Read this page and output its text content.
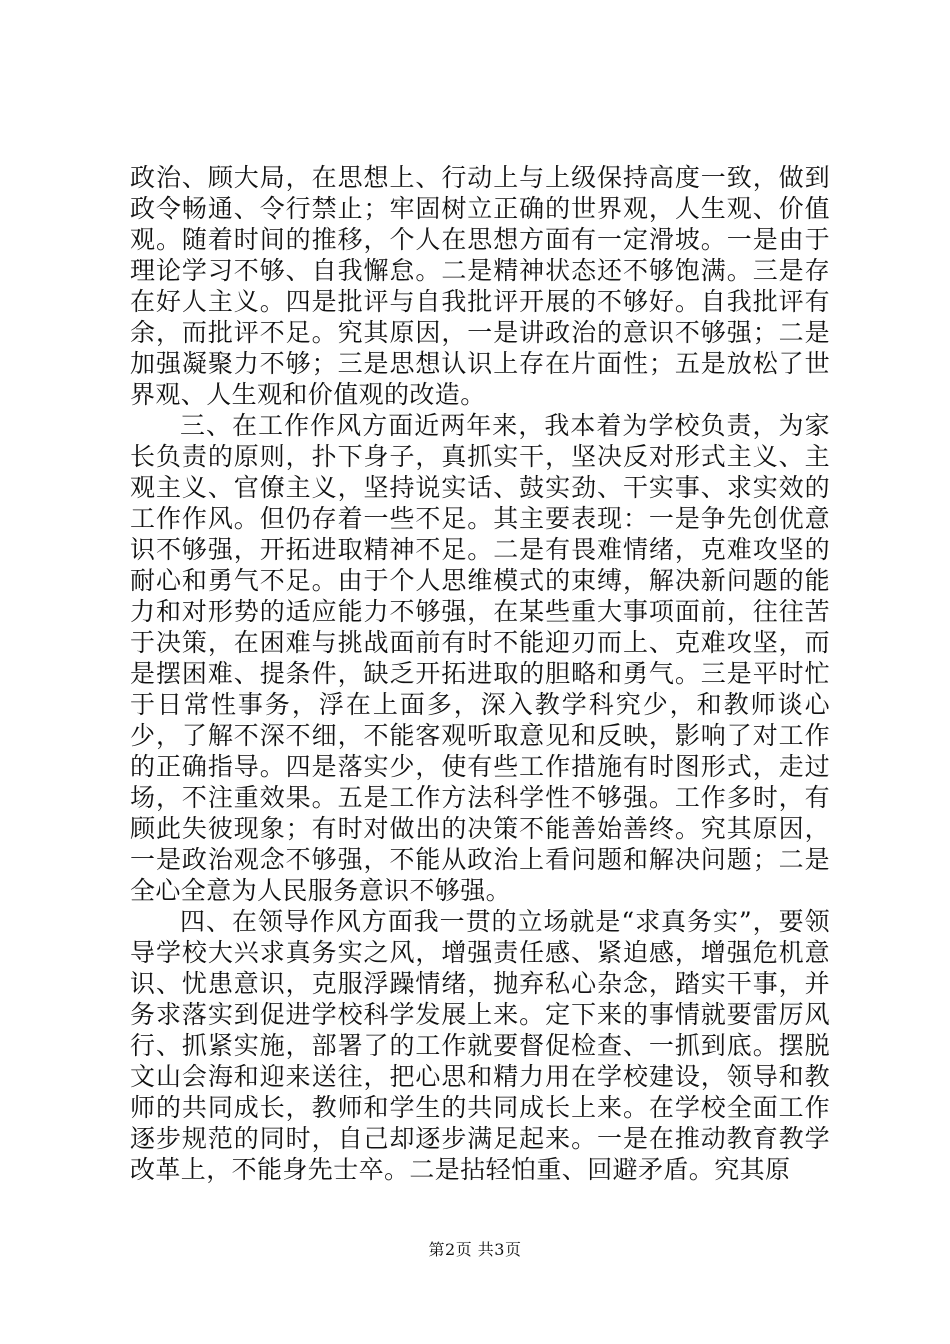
政治、顾大局，在思想上、行动上与上级保持高度一致，做到政令畅通、令行禁止；牢固树立正确的世界观，人生观、价值观。随着时间的推移，个人在思想方面有一定滑坡。一是由于理论学习不够、自我懈怠。二是精神状态还不够饱满。三是存在好人主义。四是批评与自我批评开展的不够好。自我批评有余，而批评不足。究其原因，一是讲政治的意识不够强；二是加强凝聚力不够；三是思想认识上存在片面性；五是放松了世界观、人生观和价值观的改造。

三、在工作作风方面近两年来，我本着为学校负责，为家长负责的原则，扑下身子，真抓实干，坚决反对形式主义、主观主义、官僚主义，坚持说实话、鼓实劲、干实事、求实效的工作作风。但仍存着一些不足。其主要表现：一是争先创优意识不够强，开拓进取精神不足。二是有畏难情绪，克难攻坚的耐心和勇气不足。由于个人思维模式的束缚，解决新问题的能力和对形势的适应能力不够强，在某些重大事项面前，往往苦于决策，在困难与挑战面前有时不能迎刃而上、克难攻坚，而是摆困难、提条件，缺乏开拓进取的胆略和勇气。三是平时忙于日常性事务，浮在上面多，深入教学科究少，和教师谈心少，了解不深不细，不能客观听取意见和反映，影响了对工作的正确指导。四是落实少，使有些工作措施有时图形式，走过场，不注重效果。五是工作方法科学性不够强。工作多时，有顾此失彼现象；有时对做出的决策不能善始善终。究其原因，一是政治观念不够强，不能从政治上看问题和解决问题；二是全心全意为人民服务意识不够强。

四、在领导作风方面我一贯的立场就是“求真务实”，要领导学校大兴求真务实之风，增强责任感、紧迫感，增强危机意识、忧患意识，克服浮躁情绪，抛弃私心杂念，踏实干事，并务求落实到促进学校科学发展上来。定下来的事情就要雷厉风行、抓紧实施，部署了的工作就要督促检查、一抓到底。摆脱文山会海和迎来送往，把心思和精力用在学校建设，领导和教师的共同成长，教师和学生的共同成长上来。在学校全面工作逐步规范的同时，自己却逐步满足起来。一是在推动教育教学改革上，不能身先士卒。二是拈轻怕重、回避矛盾。究其原

第2页 共3页
